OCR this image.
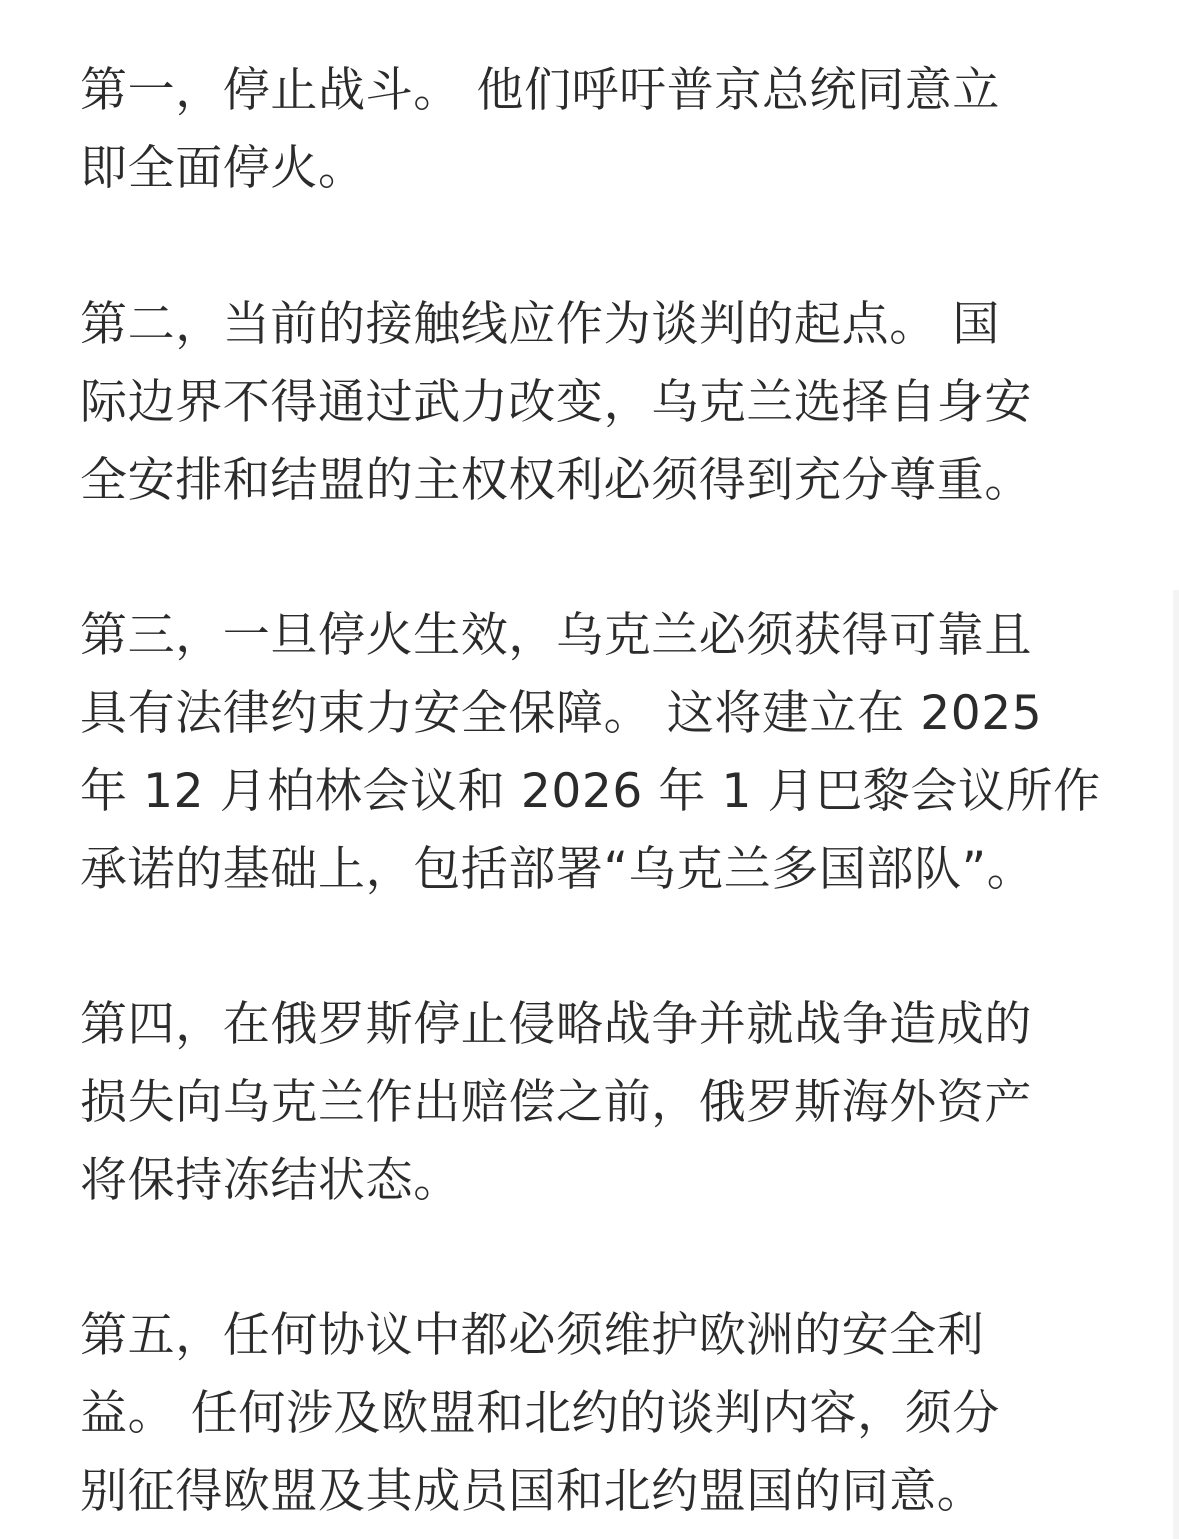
第一，停止战斗。 他们呼吁普京总统同意立
即全面停火。
第二，当前的接触线应作为谈判的起点。 国
际边界不得通过武力改变，乌克兰选择自身安
全安排和结盟的主权权利必须得到充分尊重。
第三，一旦停火生效，乌克兰必须获得可靠且
具有法律约束力安全保障。 这将建立在 2025
年 12 月柏林会议和 2026 年 1 月巴黎会议所作
承诺的基础上，包括部署“乌克兰多国部队”。
第四，在俄罗斯停止侵略战争并就战争造成的
损失向乌克兰作出赔偿之前，俄罗斯海外资产
将保持冻结状态。
第五，任何协议中都必须维护欧洲的安全利
益。 任何涉及欧盟和北约的谈判内容，须分
别征得欧盟及其成员国和北约盟国的同意。
